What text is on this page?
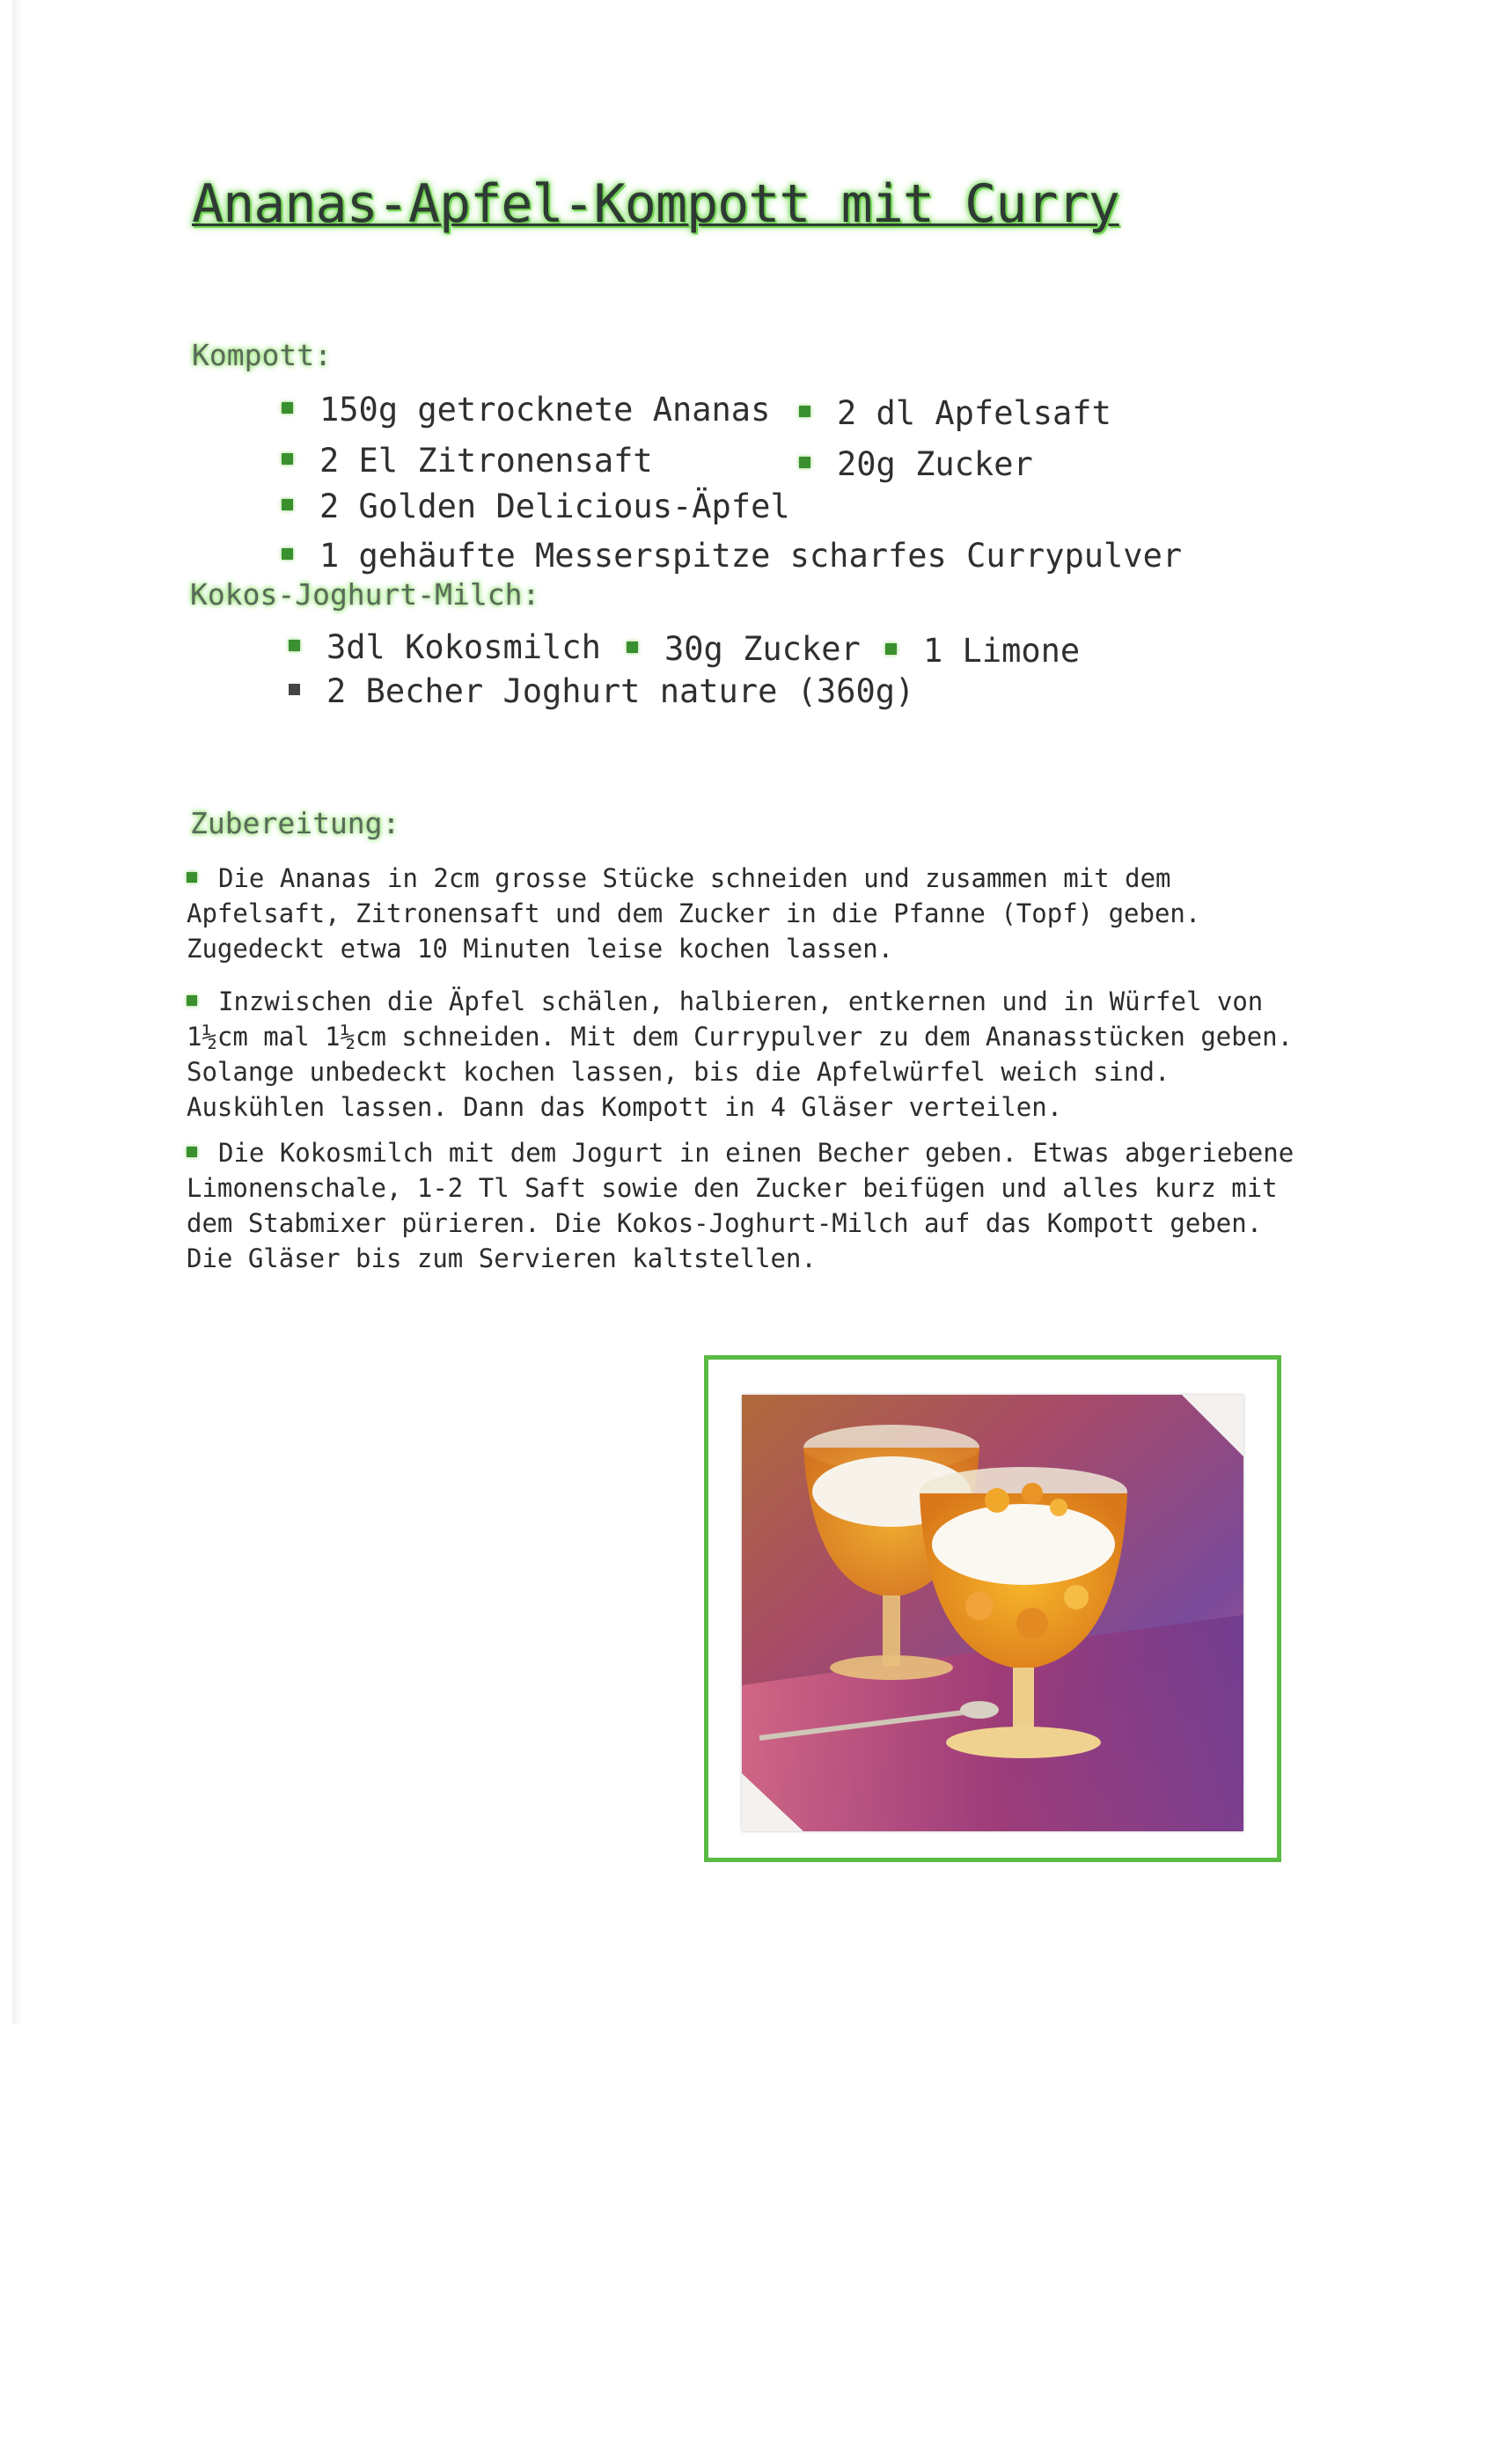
Ananas-Apfel-Kompott mit Curry
Kompott:
150g getrocknete Ananas	2 dl Apfelsaft
2 El Zitronensaft	20g Zucker
2 Golden Delicious-Äpfel
1 gehäufte Messerspitze scharfes Currypulver
Kokos-Joghurt-Milch:
3dl Kokosmilch	30g Zucker	1 Limone
2 Becher Joghurt nature (360g)
Zubereitung:
Die Ananas in 2cm grosse Stücke schneiden und zusammen mit dem Apfelsaft, Zitronensaft und dem Zucker in die Pfanne (Topf) geben. Zugedeckt etwa 10 Minuten leise kochen lassen.
Inzwischen die Äpfel schälen, halbieren, entkernen und in Würfel von 1½cm mal 1½cm schneiden. Mit dem Currypulver zu dem Ananasstücken geben. Solange unbedeckt kochen lassen, bis die Apfelwürfel weich sind. Auskühlen lassen. Dann das Kompott in 4 Gläser verteilen.
Die Kokosmilch mit dem Jogurt in einen Becher geben. Etwas abgeriebene Limonenschale, 1-2 Tl Saft sowie den Zucker beifügen und alles kurz mit dem Stabmixer pürieren. Die Kokos-Joghurt-Milch auf das Kompott geben. Die Gläser bis zum Servieren kaltstellen.
